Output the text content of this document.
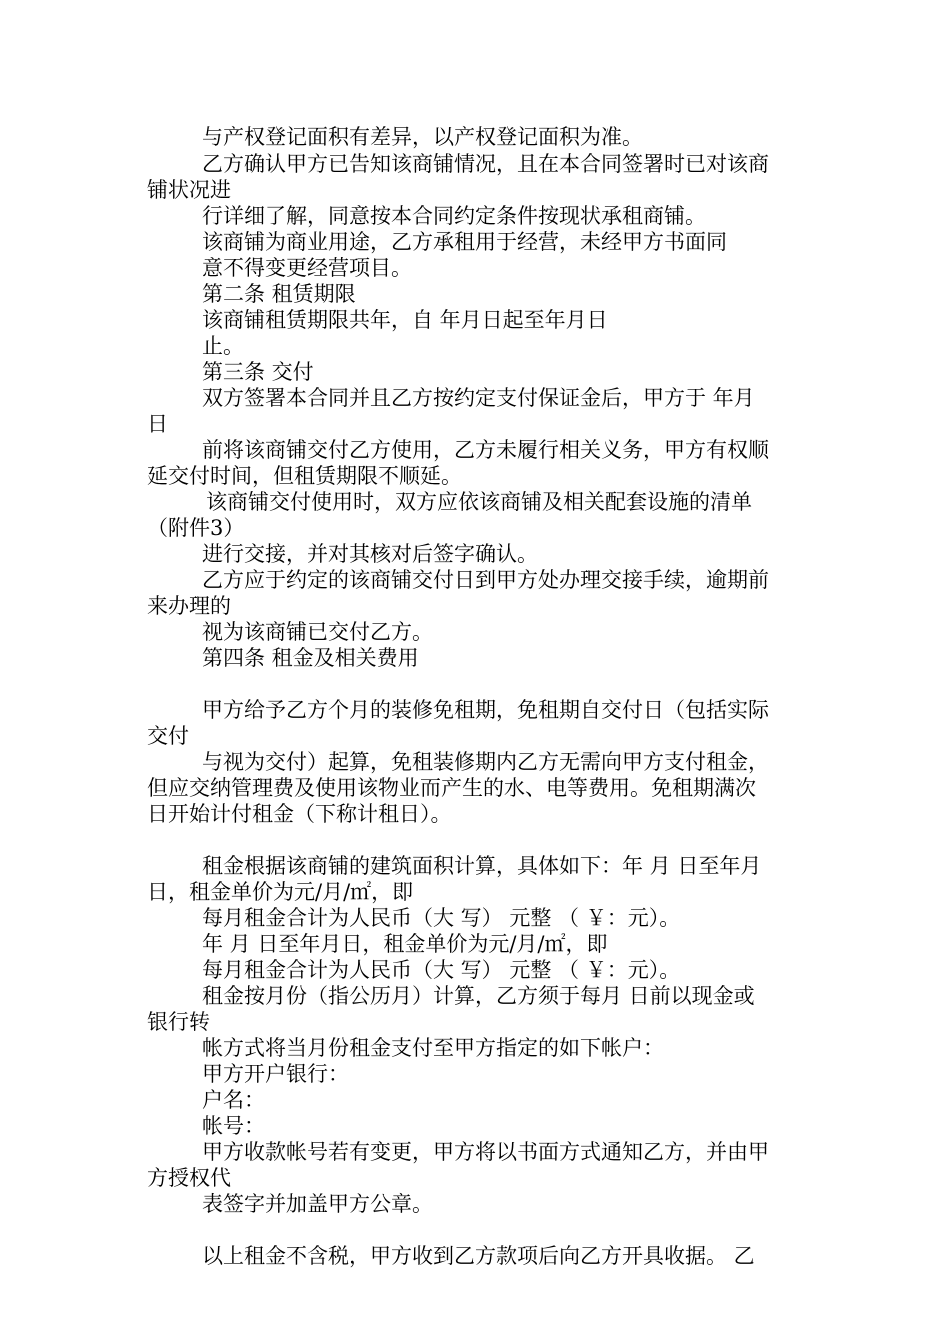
与产权登记面积有差异，以产权登记面积为准。
乙方确认甲方已告知该商铺情况，且在本合同签署时已对该商
铺状况进
行详细了解，同意按本合同约定条件按现状承租商铺。
该商铺为商业用途，乙方承租用于经营，未经甲方书面同
意不得变更经营项目。
第二条 租赁期限
该商铺租赁期限共年，自 年月日起至年月日
止。
第三条 交付
双方签署本合同并且乙方按约定支付保证金后，甲方于 年月
日
前将该商铺交付乙方使用，乙方未履行相关义务，甲方有权顺
延交付时间，但租赁期限不顺延。
该商铺交付使用时，双方应依该商铺及相关配套设施的清单
（附件3）
进行交接，并对其核对后签字确认。
乙方应于约定的该商铺交付日到甲方处办理交接手续，逾期前
来办理的
视为该商铺已交付乙方。
第四条 租金及相关费用
甲方给予乙方个月的装修免租期，免租期自交付日（包括实际
交付
与视为交付）起算，免租装修期内乙方无需向甲方支付租金，
但应交纳管理费及使用该物业而产生的水、电等费用。免租期满次
日开始计付租金（下称计租日）。
租金根据该商铺的建筑面积计算，具体如下：年 月 日至年月
日，租金单价为元/月/㎡，即
每月租金合计为人民币（大 写） 元整 （ ￥：元）。
年 月 日至年月日，租金单价为元/月/㎡，即
每月租金合计为人民币（大 写） 元整 （ ￥：元）。
租金按月份（指公历月）计算，乙方须于每月 日前以现金或
银行转
帐方式将当月份租金支付至甲方指定的如下帐户：
甲方开户银行：
户名：
帐号：
甲方收款帐号若有变更，甲方将以书面方式通知乙方，并由甲
方授权代
表签字并加盖甲方公章。
以上租金不含税，甲方收到乙方款项后向乙方开具收据。 乙
